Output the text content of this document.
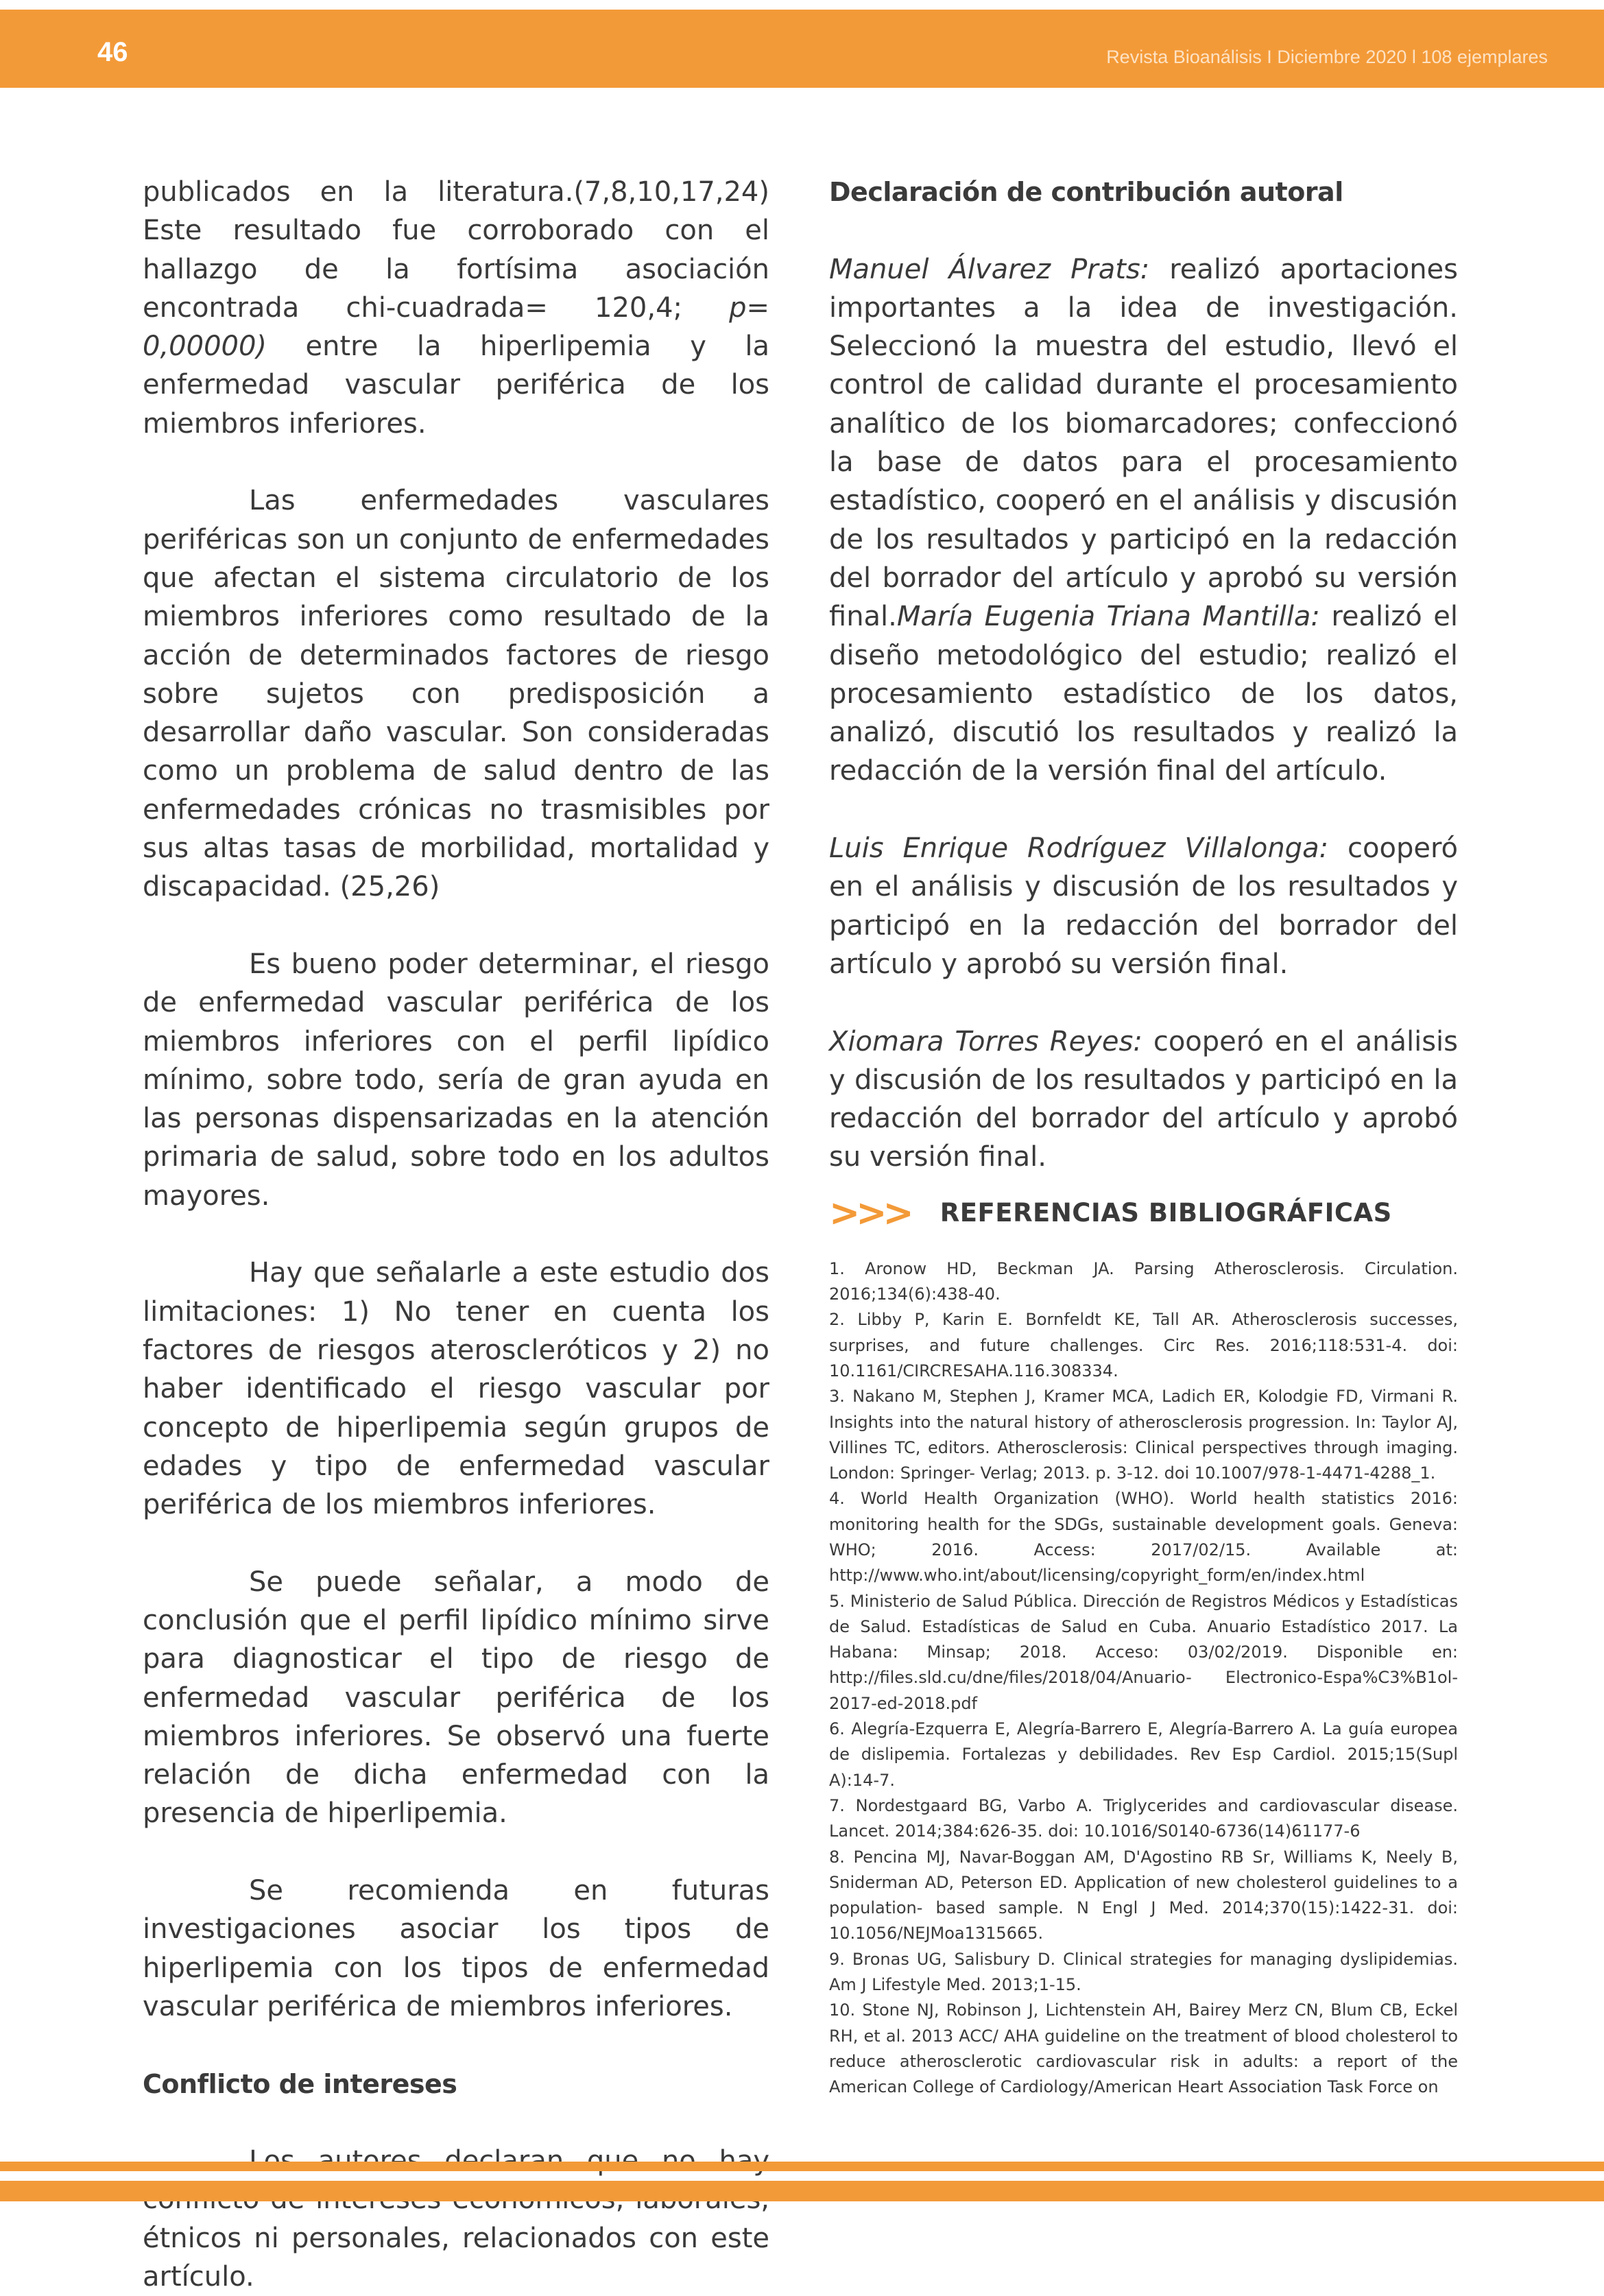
46	Revista Bioanálisis I Diciembre 2020 l 108 ejemplares

publicados en la literatura.(7,8,10,17,24) Este resultado fue corroborado con el hallazgo de la fortísima asociación encontrada chi-cuadrada= 120,4; p= 0,00000) entre la hiperlipemia y la enfermedad vascular periférica de los miembros inferiores.

Las enfermedades vasculares periféricas son un conjunto de enfermedades que afectan el sistema circulatorio de los miembros inferiores como resultado de la acción de determinados factores de riesgo sobre sujetos con predisposición a desarrollar daño vascular. Son consideradas como un problema de salud dentro de las enfermedades crónicas no trasmisibles por sus altas tasas de morbilidad, mortalidad y discapacidad. (25,26)

Es bueno poder determinar, el riesgo de enfermedad vascular periférica de los miembros inferiores con el perfil lipídico mínimo, sobre todo, sería de gran ayuda en las personas dispensarizadas en la atención primaria de salud, sobre todo en los adultos mayores.

Hay que señalarle a este estudio dos limitaciones: 1) No tener en cuenta los factores de riesgos ateroscleróticos y 2) no haber identificado el riesgo vascular por concepto de hiperlipemia según grupos de edades y tipo de enfermedad vascular periférica de los miembros inferiores.

Se puede señalar, a modo de conclusión que el perfil lipídico mínimo sirve para diagnosticar el tipo de riesgo de enfermedad vascular periférica de los miembros inferiores. Se observó una fuerte relación de dicha enfermedad con la presencia de hiperlipemia.

Se recomienda en futuras investigaciones asociar los tipos de hiperlipemia con los tipos de enfermedad vascular periférica de miembros inferiores.

Conflicto de intereses

étnicos ni personales, relacionados con este artículo.

Declaración de contribución autoral

Manuel Álvarez Prats: realizó aportaciones importantes a la idea de investigación. Seleccionó la muestra del estudio, llevó el control de calidad durante el procesamiento analítico de los biomarcadores; confeccionó la base de datos para el procesamiento estadístico, cooperó en el análisis y discusión de los resultados y participó en la redacción del borrador del artículo y aprobó su versión final.María Eugenia Triana Mantilla: realizó el diseño metodológico del estudio; realizó el procesamiento estadístico de los datos, analizó, discutió los resultados y realizó la redacción de la versión final del artículo.

Luis Enrique Rodríguez Villalonga: cooperó en el análisis y discusión de los resultados y participó en la redacción del borrador del artículo y aprobó su versión final.

Xiomara Torres Reyes: cooperó en el análisis y discusión de los resultados y participó en la redacción del borrador del artículo y aprobó su versión final.

>>> REFERENCIAS BIBLIOGRÁFICAS

1. Aronow HD, Beckman JA. Parsing Atherosclerosis. Circulation. 2016;134(6):438-40.

2. Libby P, Karin E. Bornfeldt KE, Tall AR. Atherosclerosis successes, surprises, and future challenges. Circ Res. 2016;118:531-4. doi: 10.1161/CIRCRESAHA.116.308334.

3. Nakano M, Stephen J, Kramer MCA, Ladich ER, Kolodgie FD, Virmani R. Insights into the natural history of atherosclerosis progression. In: Taylor AJ, Villines TC, editors. Atherosclerosis: Clinical perspectives through imaging. London: Springer- Verlag; 2013. p. 3-12. doi 10.1007/978-1-4471-4288_1.

4. World Health Organization (WHO). World health statistics 2016: monitoring health for the SDGs, sustainable development goals. Geneva: WHO; 2016. Access: 2017/02/15. Available at: http://www.who.int/about/licensing/copyright_form/en/index.html

5. Ministerio de Salud Pública. Dirección de Registros Médicos y Estadísticas de Salud. Estadísticas de Salud en Cuba. Anuario Estadístico 2017. La Habana: Minsap; 2018. Acceso: 03/02/2019. Disponible en: http://files.sld.cu/dne/files/2018/04/Anuario- Electronico-Espa%C3%B1ol-2017-ed-2018.pdf

6. Alegría-Ezquerra E, Alegría-Barrero E, Alegría-Barrero A. La guía europea de dislipemia. Fortalezas y debilidades. Rev Esp Cardiol. 2015;15(Supl A):14-7.

7. Nordestgaard BG, Varbo A. Triglycerides and cardiovascular disease. Lancet. 2014;384:626-35. doi: 10.1016/S0140-6736(14)61177-6

8. Pencina MJ, Navar-Boggan AM, D'Agostino RB Sr, Williams K, Neely B, Sniderman AD, Peterson ED. Application of new cholesterol guidelines to a population- based sample. N Engl J Med. 2014;370(15):1422-31. doi: 10.1056/NEJMoa1315665.

9. Bronas UG, Salisbury D. Clinical strategies for managing dyslipidemias. Am J Lifestyle Med. 2013;1-15.

10. Stone NJ, Robinson J, Lichtenstein AH, Bairey Merz CN, Blum CB, Eckel RH, et al. 2013 ACC/ AHA guideline on the treatment of blood cholesterol to reduce atherosclerotic cardiovascular risk in adults: a report of the American College of Cardiology/American Heart Association Task Force on
